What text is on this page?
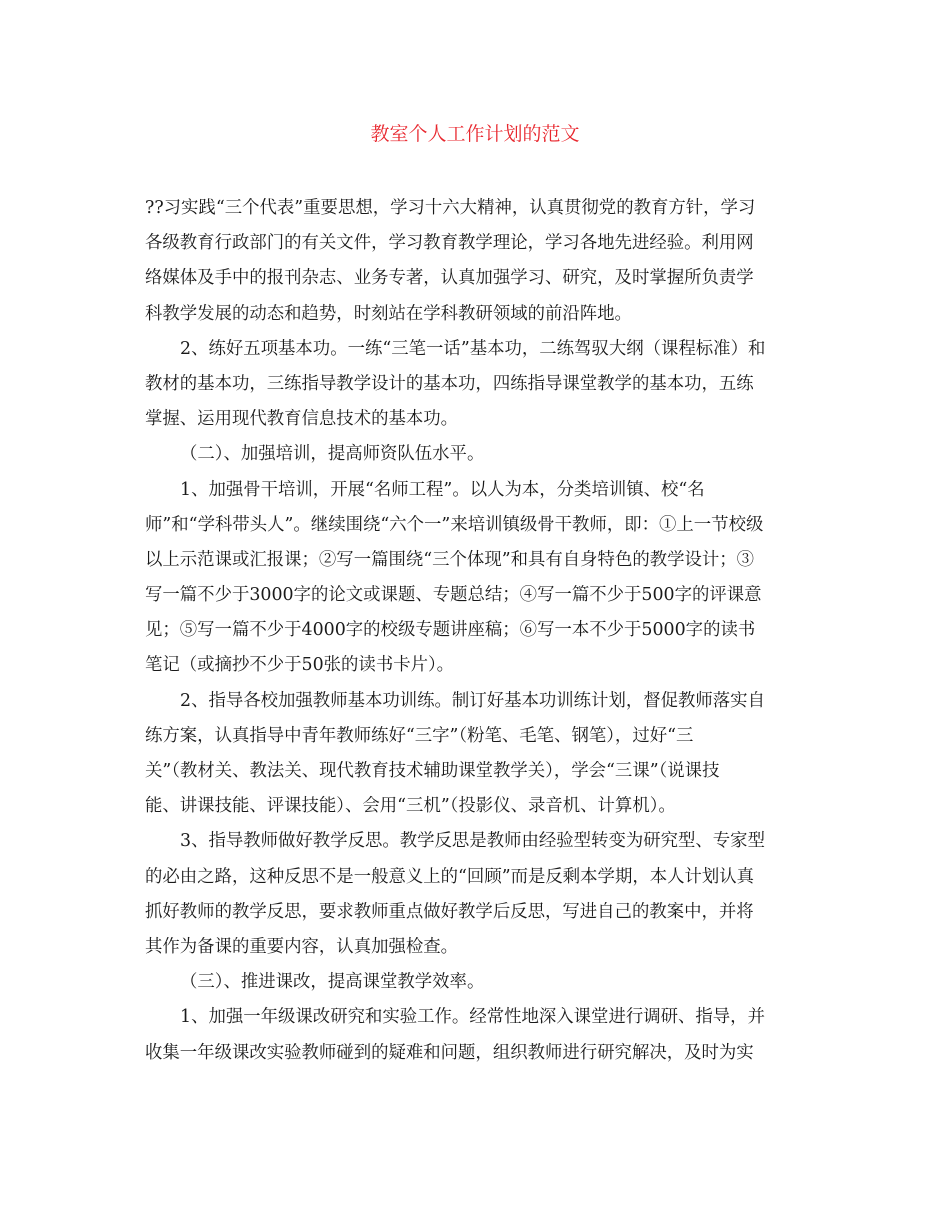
教室个人工作计划的范文
??习实践“三个代表”重要思想，学习十六大精神，认真贯彻党的教育方针，学习
各级教育行政部门的有关文件，学习教育教学理论，学习各地先进经验。利用网
络媒体及手中的报刊杂志、业务专著，认真加强学习、研究，及时掌握所负责学
科教学发展的动态和趋势，时刻站在学科教研领域的前沿阵地。
2、练好五项基本功。一练“三笔一话”基本功，二练驾驭大纲（课程标准）和
教材的基本功，三练指导教学设计的基本功，四练指导课堂教学的基本功，五练
掌握、运用现代教育信息技术的基本功。
（二）、加强培训，提高师资队伍水平。
1、加强骨干培训，开展“名师工程”。以人为本，分类培训镇、校“名
师”和“学科带头人”。继续围绕“六个一”来培训镇级骨干教师，即：①上一节校级
以上示范课或汇报课；②写一篇围绕“三个体现”和具有自身特色的教学设计；③
写一篇不少于3000字的论文或课题、专题总结；④写一篇不少于500字的评课意
见；⑤写一篇不少于4000字的校级专题讲座稿；⑥写一本不少于5000字的读书
笔记（或摘抄不少于50张的读书卡片）。
2、指导各校加强教师基本功训练。制订好基本功训练计划，督促教师落实自
练方案，认真指导中青年教师练好“三字”（粉笔、毛笔、钢笔），过好“三
关”（教材关、教法关、现代教育技术辅助课堂教学关），学会“三课”（说课技
能、讲课技能、评课技能）、会用“三机”（投影仪、录音机、计算机）。
3、指导教师做好教学反思。教学反思是教师由经验型转变为研究型、专家型
的必由之路，这种反思不是一般意义上的“回顾”而是反剩本学期，本人计划认真
抓好教师的教学反思，要求教师重点做好教学后反思，写进自己的教案中，并将
其作为备课的重要内容，认真加强检查。
（三）、推进课改，提高课堂教学效率。
1、加强一年级课改研究和实验工作。经常性地深入课堂进行调研、指导，并
收集一年级课改实验教师碰到的疑难和问题，组织教师进行研究解决，及时为实
